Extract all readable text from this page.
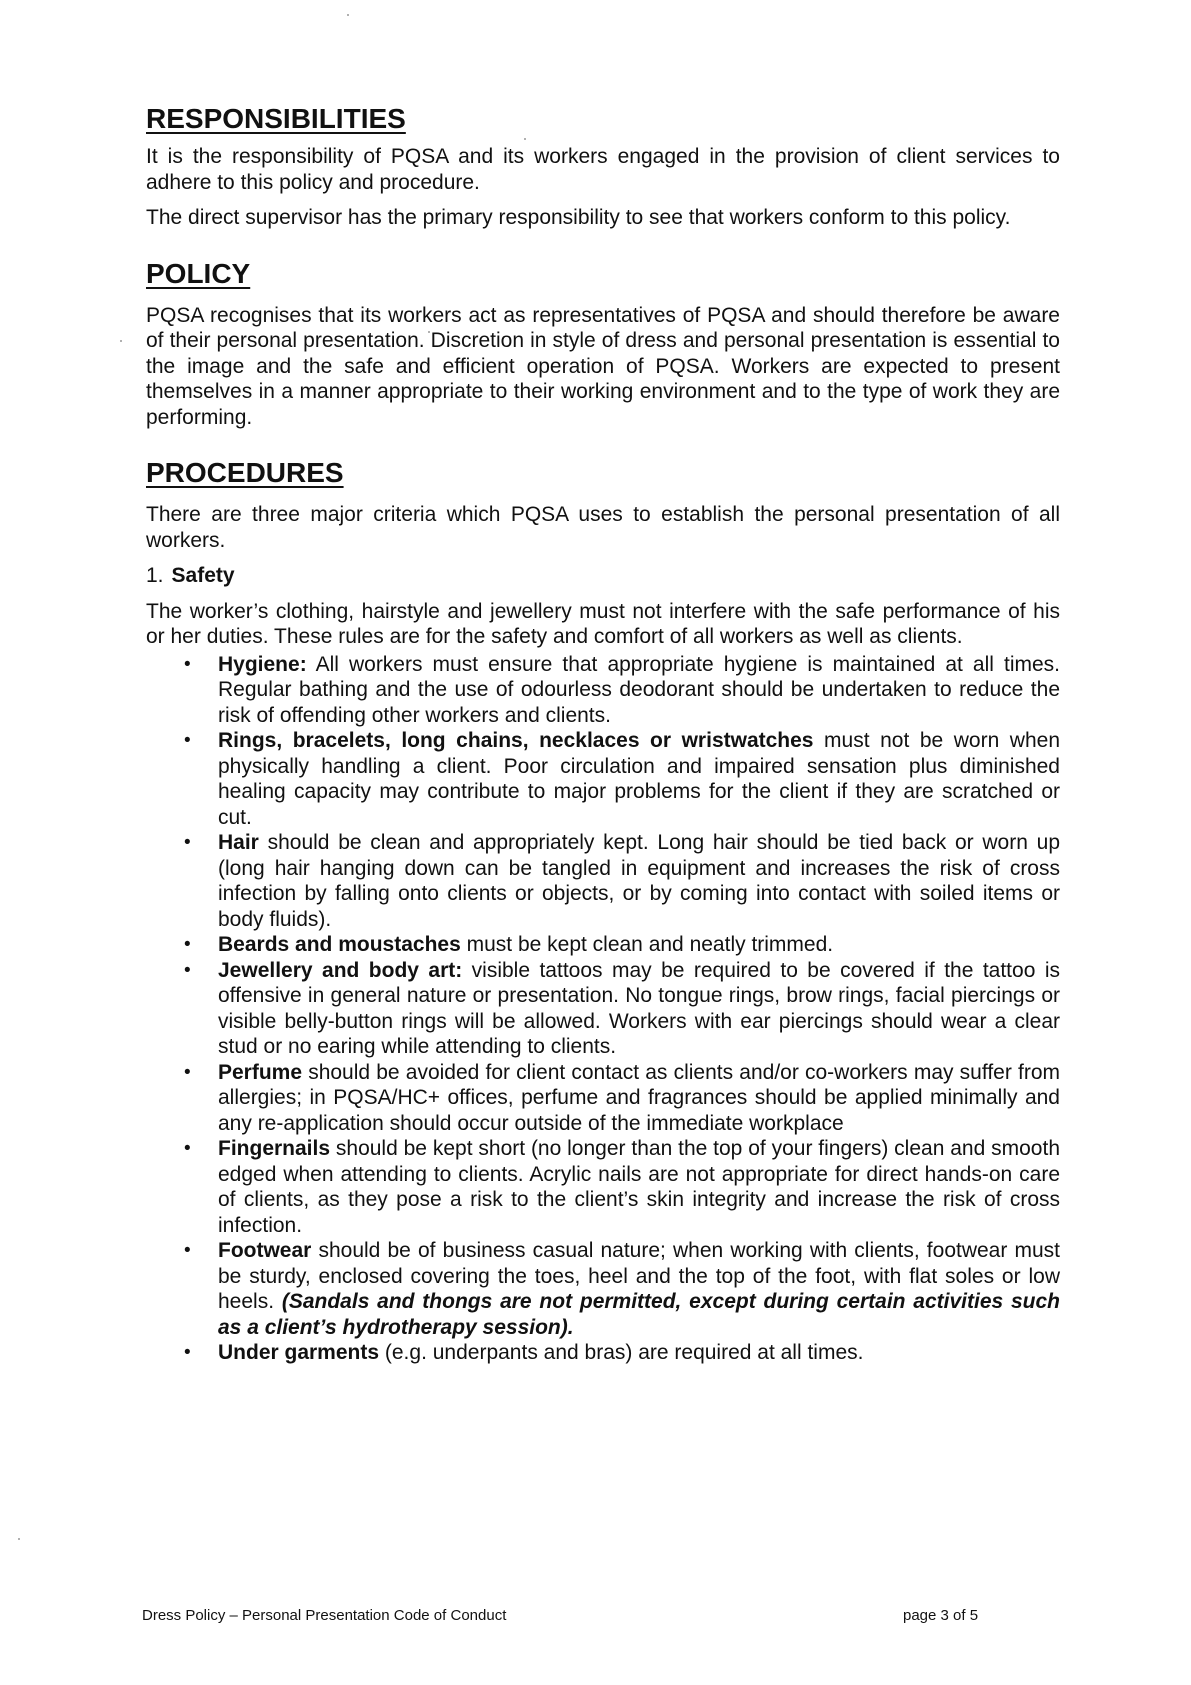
RESPONSIBILITIES

It is the responsibility of PQSA and its workers engaged in the provision of client services to adhere to this policy and procedure.

The direct supervisor has the primary responsibility to see that workers conform to this policy.

POLICY

PQSA recognises that its workers act as representatives of PQSA and should therefore be aware of their personal presentation. Discretion in style of dress and personal presentation is essential to the image and the safe and efficient operation of PQSA. Workers are expected to present themselves in a manner appropriate to their working environment and to the type of work they are performing.

PROCEDURES

There are three major criteria which PQSA uses to establish the personal presentation of all workers.

1. Safety

The worker’s clothing, hairstyle and jewellery must not interfere with the safe performance of his or her duties. These rules are for the safety and comfort of all workers as well as clients.

• Hygiene: All workers must ensure that appropriate hygiene is maintained at all times. Regular bathing and the use of odourless deodorant should be undertaken to reduce the risk of offending other workers and clients.
• Rings, bracelets, long chains, necklaces or wristwatches must not be worn when physically handling a client. Poor circulation and impaired sensation plus diminished healing capacity may contribute to major problems for the client if they are scratched or cut.
• Hair should be clean and appropriately kept. Long hair should be tied back or worn up (long hair hanging down can be tangled in equipment and increases the risk of cross infection by falling onto clients or objects, or by coming into contact with soiled items or body fluids).
• Beards and moustaches must be kept clean and neatly trimmed.
• Jewellery and body art: visible tattoos may be required to be covered if the tattoo is offensive in general nature or presentation. No tongue rings, brow rings, facial piercings or visible belly-button rings will be allowed. Workers with ear piercings should wear a clear stud or no earing while attending to clients.
• Perfume should be avoided for client contact as clients and/or co-workers may suffer from allergies; in PQSA/HC+ offices, perfume and fragrances should be applied minimally and any re-application should occur outside of the immediate workplace
• Fingernails should be kept short (no longer than the top of your fingers) clean and smooth edged when attending to clients. Acrylic nails are not appropriate for direct hands-on care of clients, as they pose a risk to the client’s skin integrity and increase the risk of cross infection.
• Footwear should be of business casual nature; when working with clients, footwear must be sturdy, enclosed covering the toes, heel and the top of the foot, with flat soles or low heels. (Sandals and thongs are not permitted, except during certain activities such as a client’s hydrotherapy session).
• Under garments (e.g. underpants and bras) are required at all times.
Dress Policy – Personal Presentation Code of Conduct	page 3 of 5
